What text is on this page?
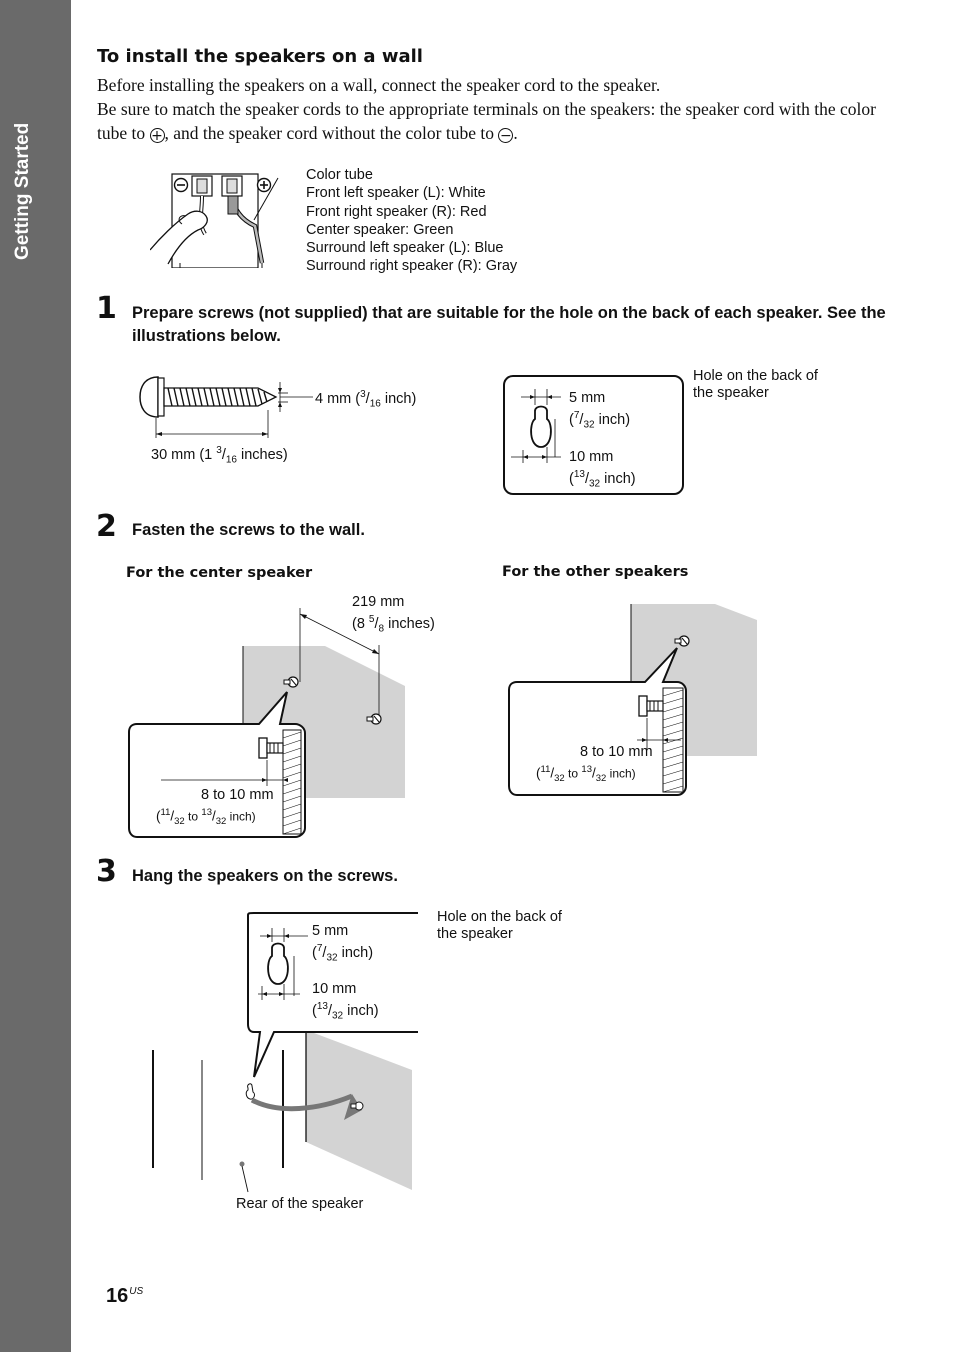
Getting Started
To install the speakers on a wall

Before installing the speakers on a wall, connect the speaker cord to the speaker.

Be sure to match the speaker cords to the appropriate terminals on the speakers: the speaker cord with the color tube to +, and the speaker cord without the color tube to −.

Color tube
Front left speaker (L): White
Front right speaker (R): Red
Center speaker: Green
Surround left speaker (L): Blue
Surround right speaker (R): Gray
1 Prepare screws (not supplied) that are suitable for the hole on the back of each speaker. See the illustrations below.
4 mm ($^3/_{16}$ inch)
30 mm (1 $^3/_{16}$ inches)
5 mm
($^7/_{32}$ inch)
10 mm
($^{13}/_{32}$ inch)
Hole on the back of
the speaker
2 Fasten the screws to the wall.
For the center speaker	For the other speakers
219 mm
(8 $^5/_8$ inches)
8 to 10 mm
($^{11}/_{32}$ to $^{13}/_{32}$ inch)
8 to 10 mm
($^{11}/_{32}$ to $^{13}/_{32}$ inch)
3 Hang the speakers on the screws.
5 mm
($^7/_{32}$ inch)
10 mm
($^{13}/_{32}$ inch)
Hole on the back of
the speaker
Rear of the speaker
$16^{US}$
